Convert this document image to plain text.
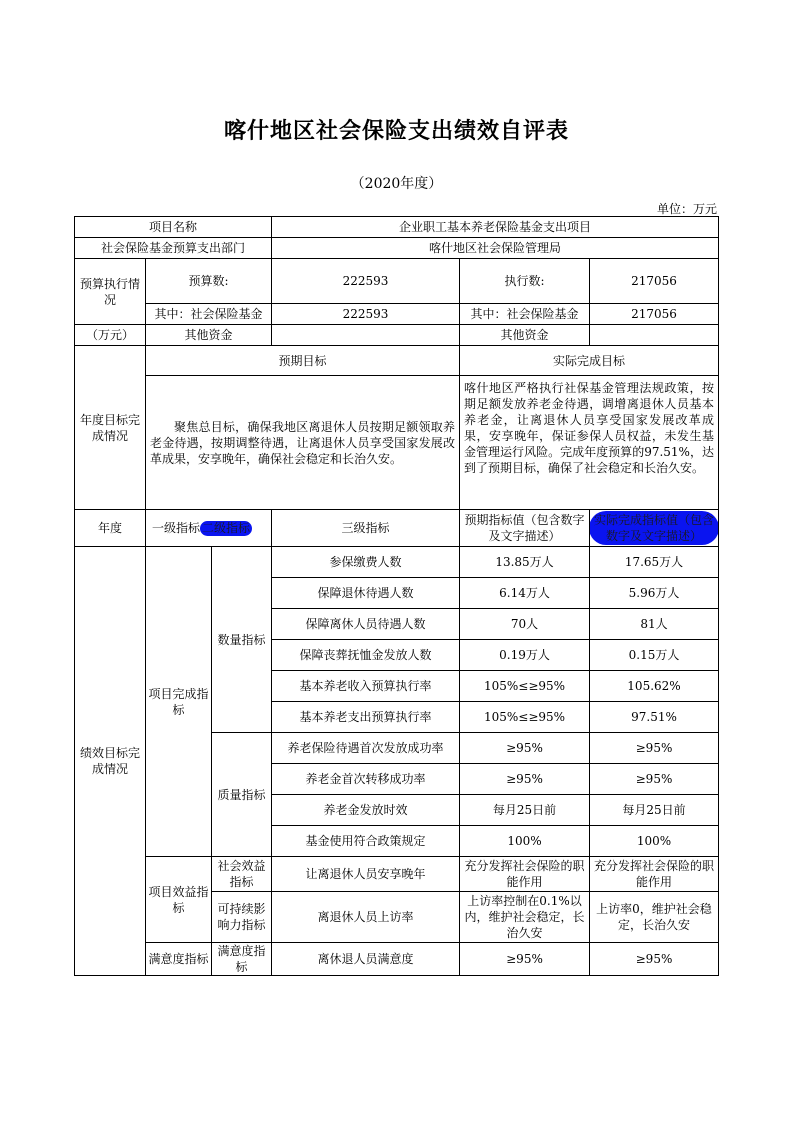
喀什地区社会保险支出绩效自评表
（2020年度）
单位：万元
项目名称			企业职工基本养老保险基金支出项目		
社会保险基金预算支出部门			喀什地区社会保险管理局		
预算执行情况	预算数:		222593	执行数:	217056
	其中：社会保险基金		222593	其中：社会保险基金	217056
（万元）	其他资金			其他资金	
年度目标完成情况	预期目标			实际完成目标	

	聚焦总目标，确保我地区离退休人员按期足额领取养老金待遇，按期调整待遇，让离退休人员享受国家发展改革成果，安享晚年，确保社会稳定和长治久安。			喀什地区严格执行社保基金管理法规政策，按期足额发放养老金待遇，调增离退休人员基本养老金，让离退休人员享受国家发展改革成果，安享晚年，保证参保人员权益，未发生基金管理运行风险。完成年度预算的97.51%，达到了预期目标，确保了社会稳定和长治久安。	
年度	一级指标 二级指标		三级指标	预期指标值（包含数字及文字描述）	实际完成指标值（包含数字及文字描述）

绩效目标完成情况	项目完成指标	数量指标	参保缴费人数	13.85万人	17.65万人
			保障退休待遇人数	6.14万人	5.96万人
			保障离休人员待遇人数	70人	81人
			保障丧葬抚恤金发放人数	0.19万人	0.15万人
			基本养老收入预算执行率	105%≤≥95%	105.62%
			基本养老支出预算执行率	105%≤≥95%	97.51%
		质量指标	养老保险待遇首次发放成功率	≥95%	≥95%
			养老金首次转移成功率	≥95%	≥95%
			养老金发放时效	每月25日前	每月25日前
			基金使用符合政策规定	100%	100%
	项目效益指标	社会效益指标	让离退休人员安享晚年	充分发挥社会保险的职能作用	充分发挥社会保险的职能作用
		可持续影响力指标	离退休人员上访率	上访率控制在0.1%以内，维护社会稳定，长治久安	上访率0，维护社会稳定，长治久安
	满意度指标	满意度指标	离休退人员满意度	≥95%	≥95%
